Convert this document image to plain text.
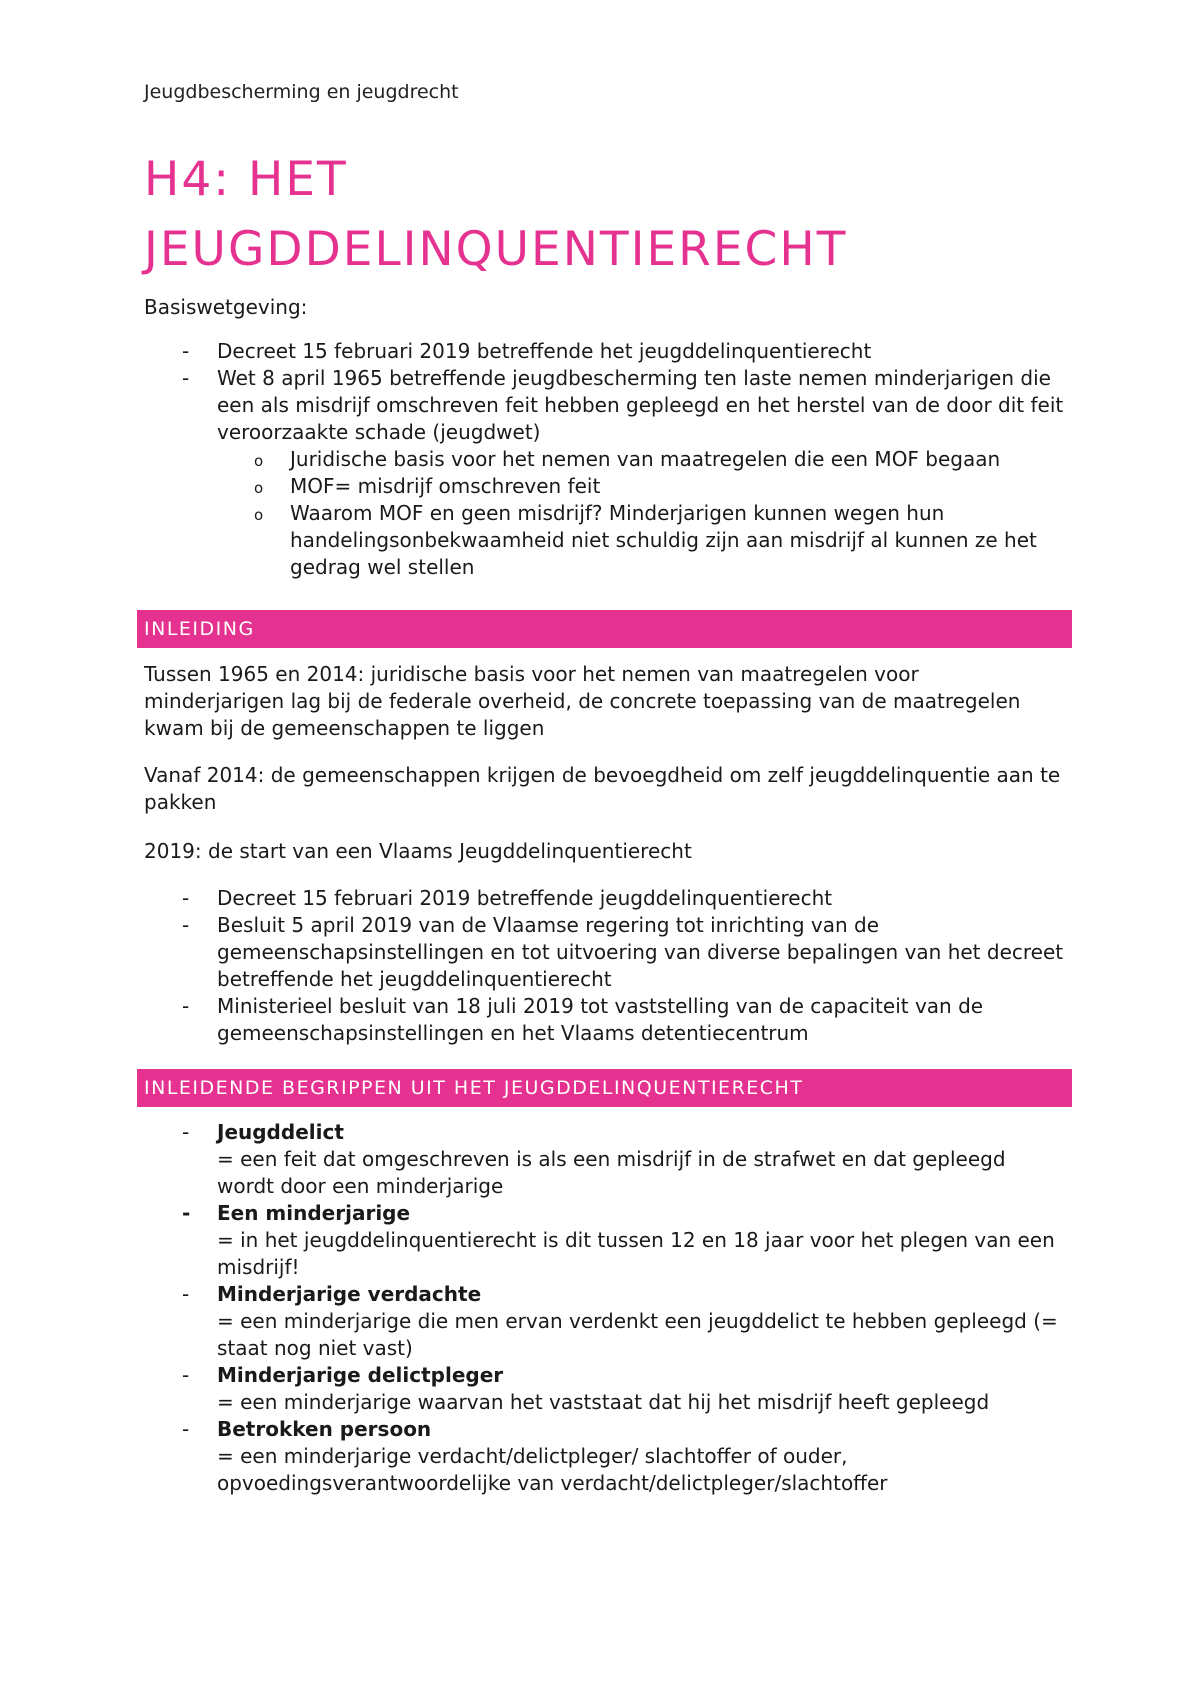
Jeugdbescherming en jeugdrecht
H4: HET
JEUGDDELINQUENTIERECHT

Basiswetgeving:

- Decreet 15 februari 2019 betreffende het jeugddelinquentierecht
- Wet 8 april 1965 betreffende jeugdbescherming ten laste nemen minderjarigen die een als misdrijf omschreven feit hebben gepleegd en het herstel van de door dit feit veroorzaakte schade (jeugdwet)
o Juridische basis voor het nemen van maatregelen die een MOF begaan
o MOF= misdrijf omschreven feit
o Waarom MOF en geen misdrijf? Minderjarigen kunnen wegen hun handelingsonbekwaamheid niet schuldig zijn aan misdrijf al kunnen ze het gedrag wel stellen
INLEIDING

Tussen 1965 en 2014: juridische basis voor het nemen van maatregelen voor minderjarigen lag bij de federale overheid, de concrete toepassing van de maatregelen kwam bij de gemeenschappen te liggen

Vanaf 2014: de gemeenschappen krijgen de bevoegdheid om zelf jeugddelinquentie aan te pakken

2019: de start van een Vlaams Jeugddelinquentierecht

- Decreet 15 februari 2019 betreffende jeugddelinquentierecht
- Besluit 5 april 2019 van de Vlaamse regering tot inrichting van de gemeenschapsinstellingen en tot uitvoering van diverse bepalingen van het decreet betreffende het jeugddelinquentierecht
- Ministerieel besluit van 18 juli 2019 tot vaststelling van de capaciteit van de gemeenschapsinstellingen en het Vlaams detentiecentrum
INLEIDENDE BEGRIPPEN UIT HET JEUGDDELINQUENTIERECHT
- Jeugddelict
= een feit dat omgeschreven is als een misdrijf in de strafwet en dat gepleegd wordt door een minderjarige
- Een minderjarige
= in het jeugddelinquentierecht is dit tussen 12 en 18 jaar voor het plegen van een misdrijf!
- Minderjarige verdachte
= een minderjarige die men ervan verdenkt een jeugddelict te hebben gepleegd (= staat nog niet vast)
- Minderjarige delictpleger
= een minderjarige waarvan het vaststaat dat hij het misdrijf heeft gepleegd
- Betrokken persoon
= een minderjarige verdacht/delictpleger/ slachtoffer of ouder, opvoedingsverantwoordelijke van verdacht/delictpleger/slachtoffer
